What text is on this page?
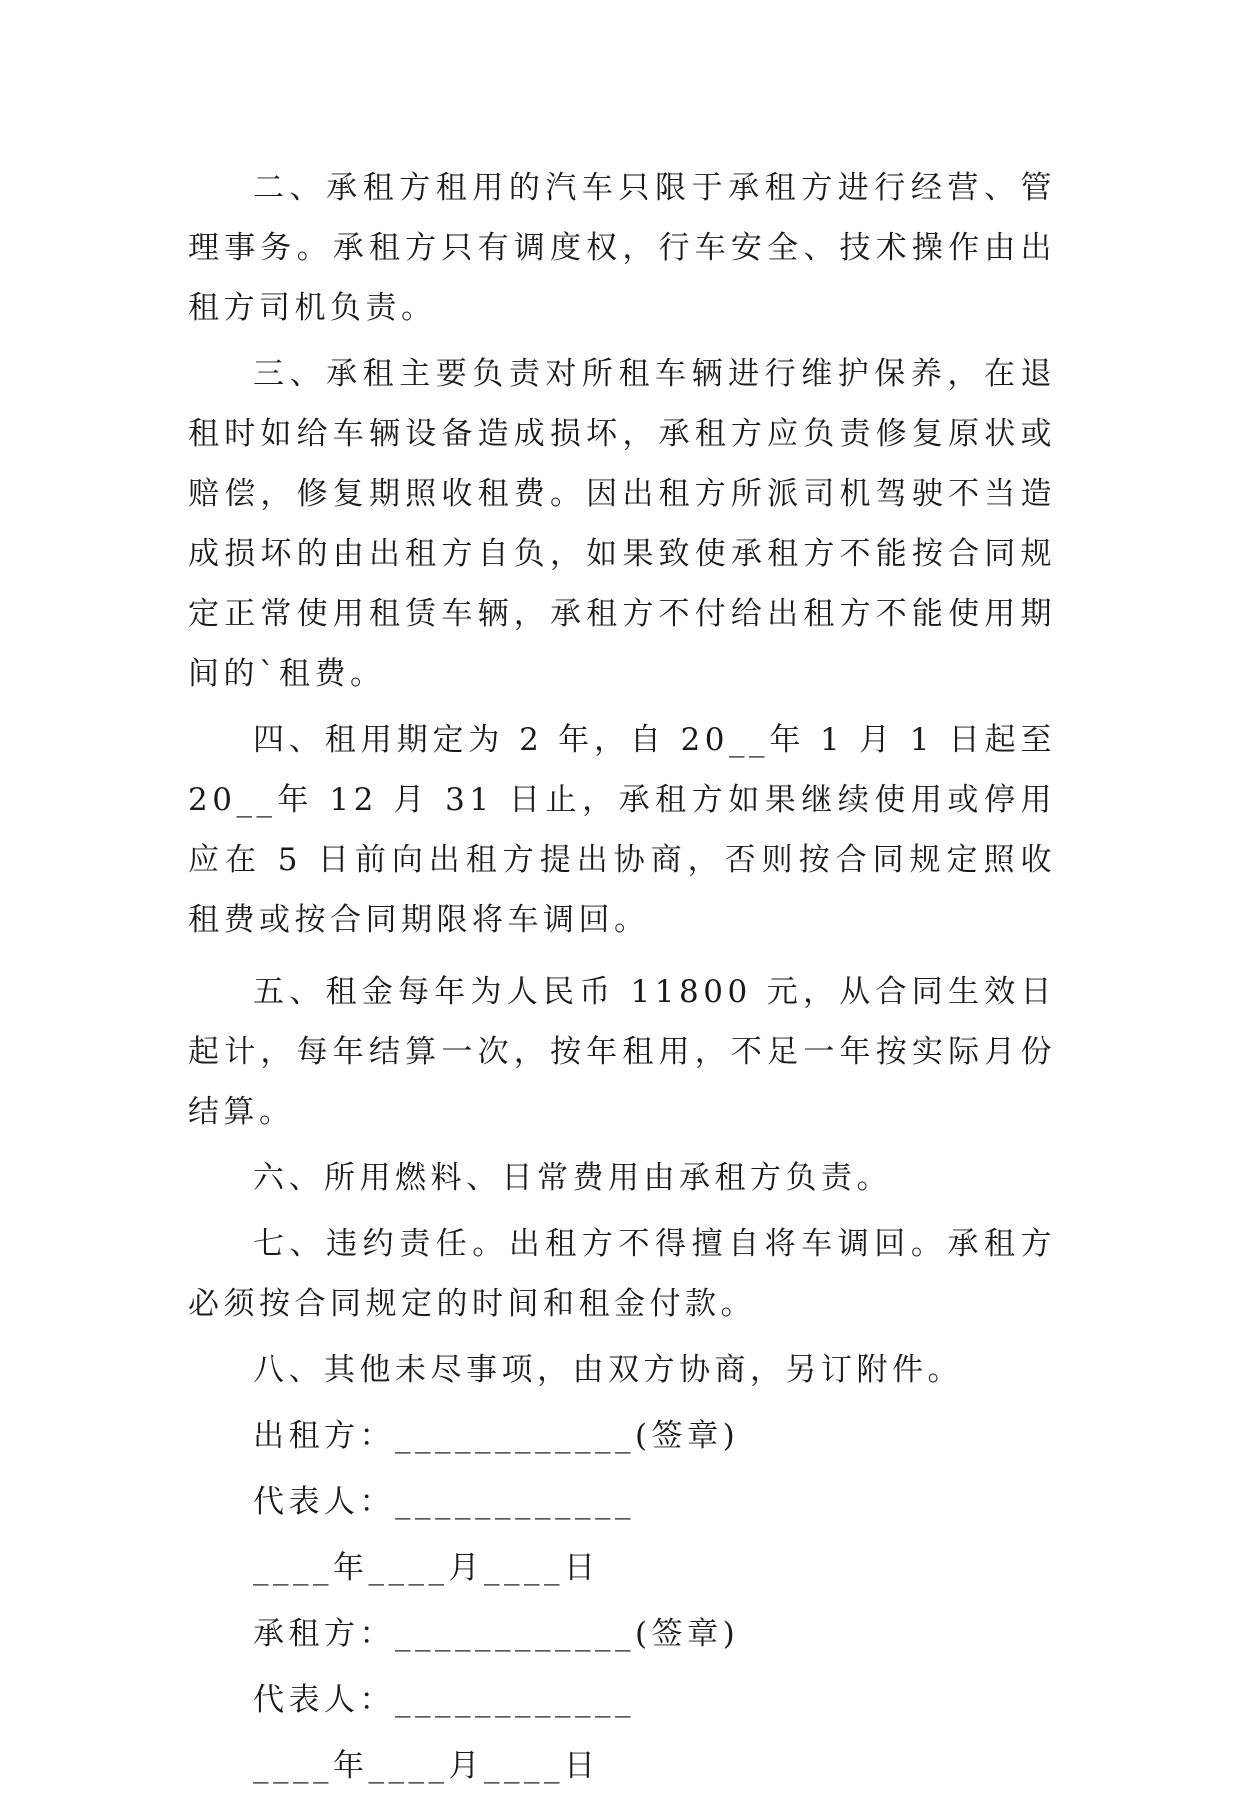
二、承租方租用的汽车只限于承租方进行经营、管理事务。承租方只有调度权，行车安全、技术操作由出租方司机负责。

三、承租主要负责对所租车辆进行维护保养，在退租时如给车辆设备造成损坏，承租方应负责修复原状或赔偿，修复期照收租费。因出租方所派司机驾驶不当造成损坏的由出租方自负，如果致使承租方不能按合同规定正常使用租赁车辆，承租方不付给出租方不能使用期间的`租费。

四、租用期定为 2 年，自 20__年 1 月 1 日起至 20__年 12 月 31 日止，承租方如果继续使用或停用应在 5 日前向出租方提出协商，否则按合同规定照收租费或按合同期限将车调回。

五、租金每年为人民币 11800 元，从合同生效日起计，每年结算一次，按年租用，不足一年按实际月份结算。

六、所用燃料、日常费用由承租方负责。

七、违约责任。出租方不得擅自将车调回。承租方必须按合同规定的时间和租金付款。

八、其他未尽事项，由双方协商，另订附件。

出租方：____________(签章)

代表人：____________

____年____月____日

承租方：____________(签章)

代表人：____________

____年____月____日
